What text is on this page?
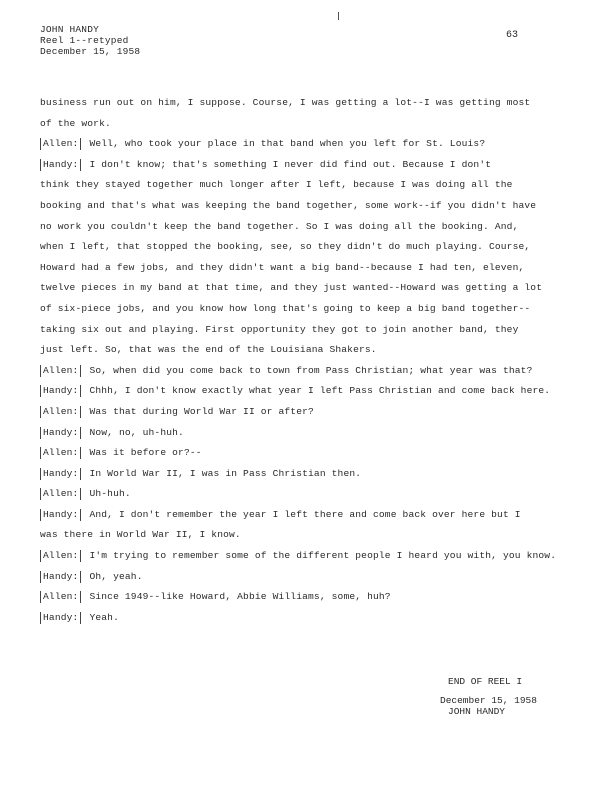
JOHN HANDY
Reel 1--retyped
December 15, 1958
63
business run out on him, I suppose. Course, I was getting a lot--I was getting most
of the work.
Allen: Well, who took your place in that band when you left for St. Louis?
Handy: I don't know; that's something I never did find out. Because I don't
think they stayed together much longer after I left, because I was doing all the
booking and that's what was keeping the band together, some work--if you didn't have
no work you couldn't keep the band together. So I was doing all the booking. And,
when I left, that stopped the booking, see, so they didn't do much playing. Course,
Howard had a few jobs, and they didn't want a big band--because I had ten, eleven,
twelve pieces in my band at that time, and they just wanted--Howard was getting a lot
of six-piece jobs, and you know how long that's going to keep a big band together--
taking six out and playing. First opportunity they got to join another band, they
just left. So, that was the end of the Louisiana Shakers.
Allen: So, when did you come back to town from Pass Christian; what year was that?
Handy: Chhh, I don't know exactly what year I left Pass Christian and come back here.
Allen: Was that during World War II or after?
Handy: Now, no, uh-huh.
Allen: Was it before or?--
Handy: In World War II, I was in Pass Christian then.
Allen: Uh-huh.
Handy: And, I don't remember the year I left there and come back over here but I
was there in World War II, I know.
Allen: I'm trying to remember some of the different people I heard you with, you know.
Handy: Oh, yeah.
Allen: Since 1949--like Howard, Abbie Williams, some, huh?
Handy: Yeah.
END OF REEL I
December 15, 1958
JOHN HANDY
